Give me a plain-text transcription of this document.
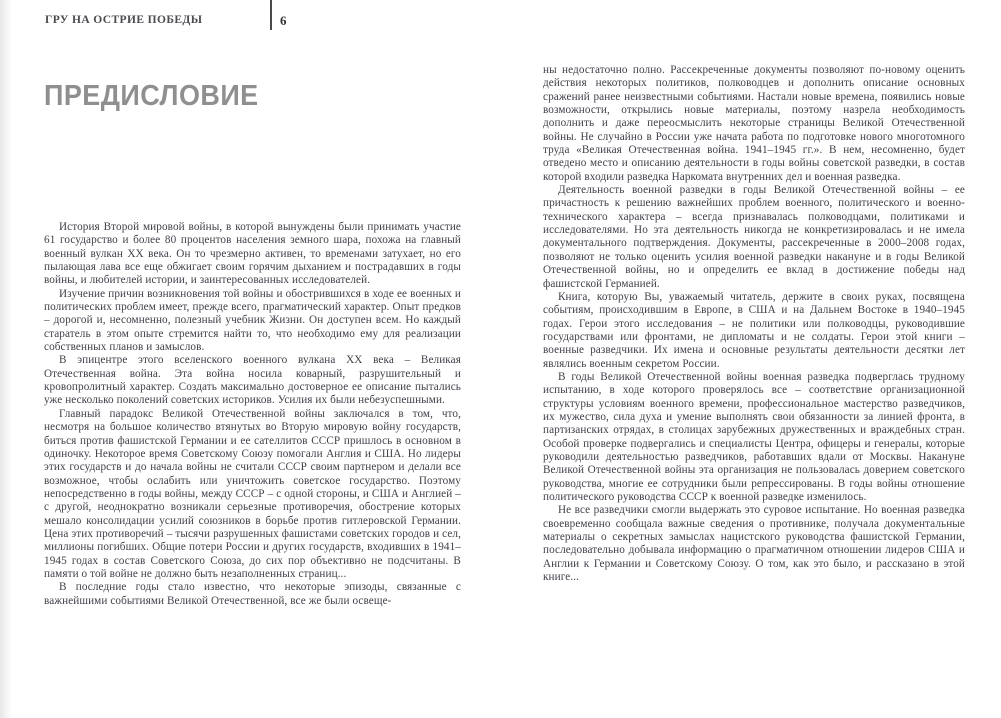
ГРУ НА ОСТРИЕ ПОБЕДЫ	6
ПРЕДИСЛОВИЕ

История Второй мировой войны, в которой вынуждены были принимать участие 61 государство и более 80 процентов населения земного шара, похожа на главный военный вулкан XX века. Он то чрезмерно активен, то временами затухает, но его пылающая лава все еще обжигает своим горячим дыханием и пострадавших в годы войны, и любителей истории, и заинтересованных исследователей.

Изучение причин возникновения той войны и обострившихся в ходе ее военных и политических проблем имеет, прежде всего, прагматический характер. Опыт предков – дорогой и, несомненно, полезный учебник Жизни. Он доступен всем. Но каждый старатель в этом опыте стремится найти то, что необходимо ему для реализации собственных планов и замыслов.

В эпицентре этого вселенского военного вулкана XX века – Великая Отечественная война. Эта война носила коварный, разрушительный и кровопролитный характер. Создать максимально достоверное ее описание пытались уже несколько поколений советских историков. Усилия их были небезуспешными.

Главный парадокс Великой Отечественной войны заключался в том, что, несмотря на большое количество втянутых во Вторую мировую войну государств, биться против фашистской Германии и ее сателлитов СССР пришлось в основном в одиночку. Некоторое время Советскому Союзу помогали Англия и США. Но лидеры этих государств и до начала войны не считали СССР своим партнером и делали все возможное, чтобы ослабить или уничтожить советское государство. Поэтому непосредственно в годы войны, между СССР – с одной стороны, и США и Англией – с другой, неоднократно возникали серьезные противоречия, обострение которых мешало консолидации усилий союзников в борьбе против гитлеровской Германии. Цена этих противоречий – тысячи разрушенных фашистами советских городов и сел, миллионы погибших. Общие потери России и других государств, входивших в 1941–1945 годах в состав Советского Союза, до сих пор объективно не подсчитаны. В памяти о той войне не должно быть незаполненных страниц...

В последние годы стало известно, что некоторые эпизоды, связанные с важнейшими событиями Великой Отечественной, все же были освеще-

ны недостаточно полно. Рассекреченные документы позволяют по-новому оценить действия некоторых политиков, полководцев и дополнить описание основных сражений ранее неизвестными событиями. Настали новые времена, появились новые возможности, открылись новые материалы, поэтому назрела необходимость дополнить и даже переосмыслить некоторые страницы Великой Отечественной войны. Не случайно в России уже начата работа по подготовке нового многотомного труда «Великая Отечественная война. 1941–1945 гг.». В нем, несомненно, будет отведено место и описанию деятельности в годы войны советской разведки, в состав которой входили разведка Наркомата внутренних дел и военная разведка.

Деятельность военной разведки в годы Великой Отечественной войны – ее причастность к решению важнейших проблем военного, политического и военно-технического характера – всегда признавалась полководцами, политиками и исследователями. Но эта деятельность никогда не конкретизировалась и не имела документального подтверждения. Документы, рассекреченные в 2000–2008 годах, позволяют не только оценить усилия военной разведки накануне и в годы Великой Отечественной войны, но и определить ее вклад в достижение победы над фашистской Германией.

Книга, которую Вы, уважаемый читатель, держите в своих руках, посвящена событиям, происходившим в Европе, в США и на Дальнем Востоке в 1940–1945 годах. Герои этого исследования – не политики или полководцы, руководившие государствами или фронтами, не дипломаты и не солдаты. Герои этой книги – военные разведчики. Их имена и основные результаты деятельности десятки лет являлись военным секретом России.

В годы Великой Отечественной войны военная разведка подверглась трудному испытанию, в ходе которого проверялось все – соответствие организационной структуры условиям военного времени, профессиональное мастерство разведчиков, их мужество, сила духа и умение выполнять свои обязанности за линией фронта, в партизанских отрядах, в столицах зарубежных дружественных и враждебных стран. Особой проверке подвергались и специалисты Центра, офицеры и генералы, которые руководили деятельностью разведчиков, работавших вдали от Москвы. Накануне Великой Отечественной войны эта организация не пользовалась доверием советского руководства, многие ее сотрудники были репрессированы. В годы войны отношение политического руководства СССР к военной разведке изменилось.

Не все разведчики смогли выдержать это суровое испытание. Но военная разведка своевременно сообщала важные сведения о противнике, получала документальные материалы о секретных замыслах нацистского руководства фашистской Германии, последовательно добывала информацию о прагматичном отношении лидеров США и Англии к Германии и Советскому Союзу. О том, как это было, и рассказано в этой книге...
